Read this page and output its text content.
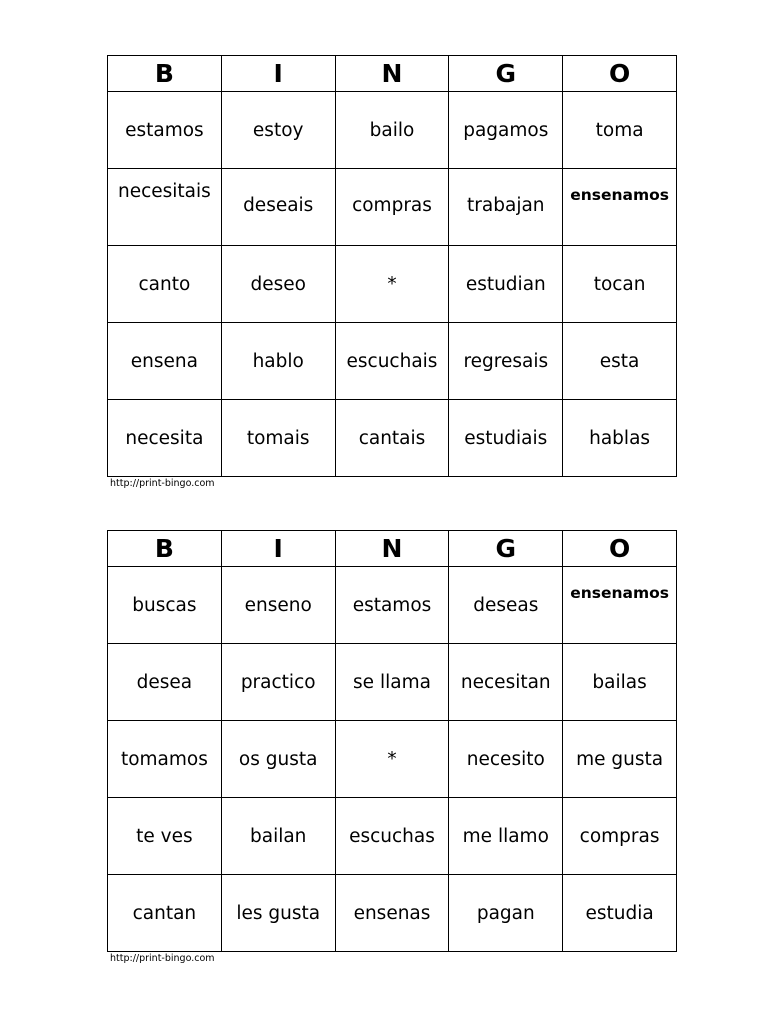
B	I	N	G	O
estamos	estoy	bailo	pagamos	toma
necesitais	deseais	compras	trabajan	ensenamos
canto	deseo	*	estudian	tocan
ensena	hablo	escuchais	regresais	esta
necesita	tomais	cantais	estudiais	hablas
http://print-bingo.com
B	I	N	G	O
buscas	enseno	estamos	deseas	ensenamos
desea	practico	se llama	necesitan	bailas
tomamos	os gusta	*	necesito	me gusta
te ves	bailan	escuchas	me llamo	compras
cantan	les gusta	ensenas	pagan	estudia
http://print-bingo.com
